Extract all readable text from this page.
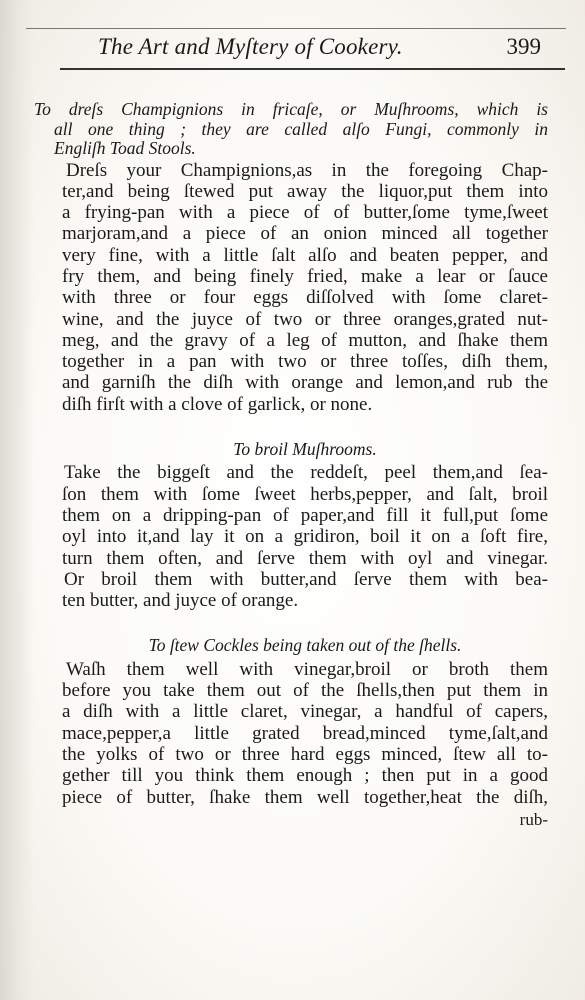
The Art and Myſtery of Cookery.	399
To dreſs Champignions in fricaſe, or Muſhrooms, which is
all one thing ; they are called alſo Fungi, commonly in
Engliſh Toad Stools.
Dreſs your Champignions,as in the foregoing Chap-
ter,and being ſtewed put away the liquor,put them into
a frying-pan with a piece of of butter,ſome tyme,ſweet
marjoram,and a piece of an onion minced all together
very fine, with a little ſalt alſo and beaten pepper, and
fry them, and being finely fried, make a lear or ſauce
with three or four eggs diſſolved with ſome claret-
wine, and the juyce of two or three oranges,grated nut-
meg, and the gravy of a leg of mutton, and ſhake them
together in a pan with two or three toſſes, diſh them,
and garniſh the diſh with orange and lemon,and rub the
diſh firſt with a clove of garlick, or none.
To broil Muſhrooms.
Take the biggeſt and the reddeſt, peel them,and ſea-
ſon them with ſome ſweet herbs,pepper, and ſalt, broil
them on a dripping-pan of paper,and fill it full,put ſome
oyl into it,and lay it on a gridiron, boil it on a ſoft fire,
turn them often, and ſerve them with oyl and vinegar.
Or broil them with butter,and ſerve them with bea-
ten butter, and juyce of orange.
To ſtew Cockles being taken out of the ſhells.
Waſh them well with vinegar,broil or broth them
before you take them out of the ſhells,then put them in
a diſh with a little claret, vinegar, a handful of capers,
mace,pepper,a little grated bread,minced tyme,ſalt,and
the yolks of two or three hard eggs minced, ſtew all to-
gether till you think them enough ; then put in a good
piece of butter, ſhake them well together,heat the diſh,
rub-
